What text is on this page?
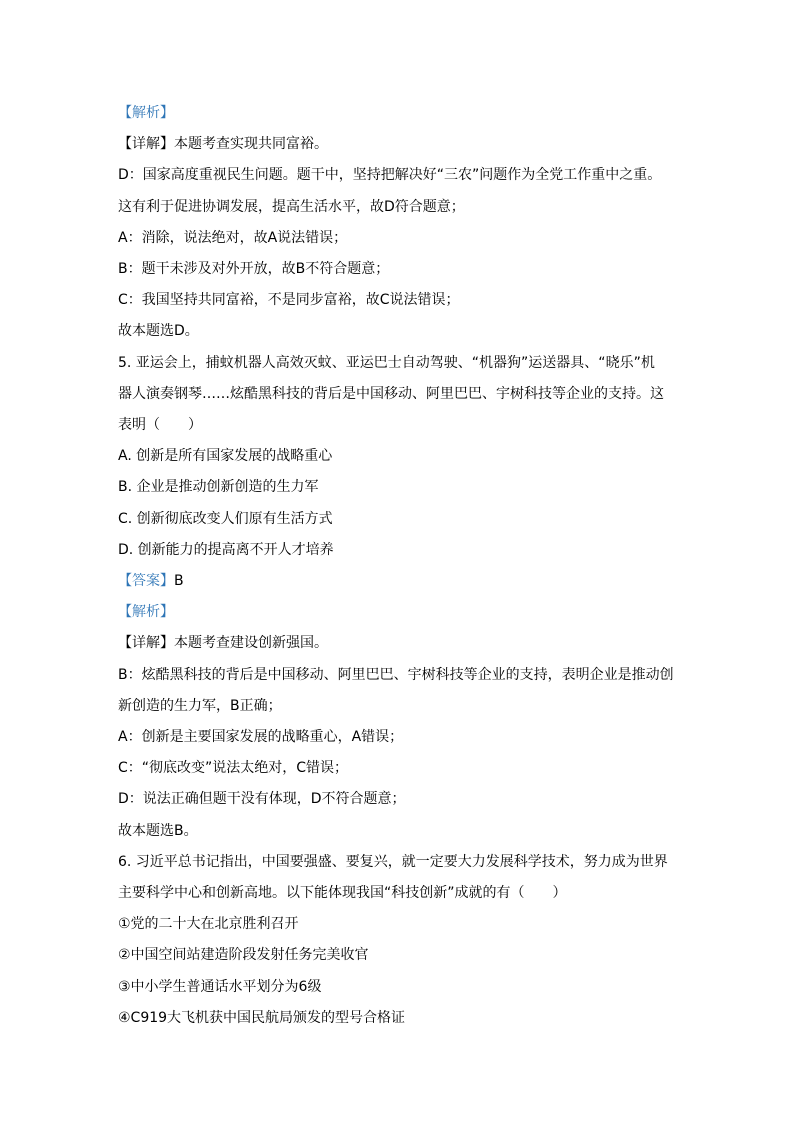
【解析】
【详解】本题考查实现共同富裕。
D：国家高度重视民生问题。题干中，坚持把解决好“三农”问题作为全党工作重中之重。
这有利于促进协调发展，提高生活水平，故D符合题意；
A：消除，说法绝对，故A说法错误；
B：题干未涉及对外开放，故B不符合题意；
C：我国坚持共同富裕，不是同步富裕，故C说法错误；
故本题选D。
5. 亚运会上，捕蚊机器人高效灭蚊、亚运巴士自动驾驶、“机器狗”运送器具、“晓乐”机
器人演奏钢琴……炫酷黑科技的背后是中国移动、阿里巴巴、宇树科技等企业的支持。这
表明（　　）
A. 创新是所有国家发展的战略重心
B. 企业是推动创新创造的生力军
C. 创新彻底改变人们原有生活方式
D. 创新能力的提高离不开人才培养
【答案】B
【解析】
【详解】本题考查建设创新强国。
B：炫酷黑科技的背后是中国移动、阿里巴巴、宇树科技等企业的支持，表明企业是推动创
新创造的生力军，B正确；
A：创新是主要国家发展的战略重心，A错误；
C：“彻底改变”说法太绝对，C错误；
D：说法正确但题干没有体现，D不符合题意；
故本题选B。
6. 习近平总书记指出，中国要强盛、要复兴，就一定要大力发展科学技术，努力成为世界
主要科学中心和创新高地。以下能体现我国“科技创新”成就的有（　　）
①党的二十大在北京胜利召开
②中国空间站建造阶段发射任务完美收官
③中小学生普通话水平划分为6级
④C919大飞机获中国民航局颁发的型号合格证
